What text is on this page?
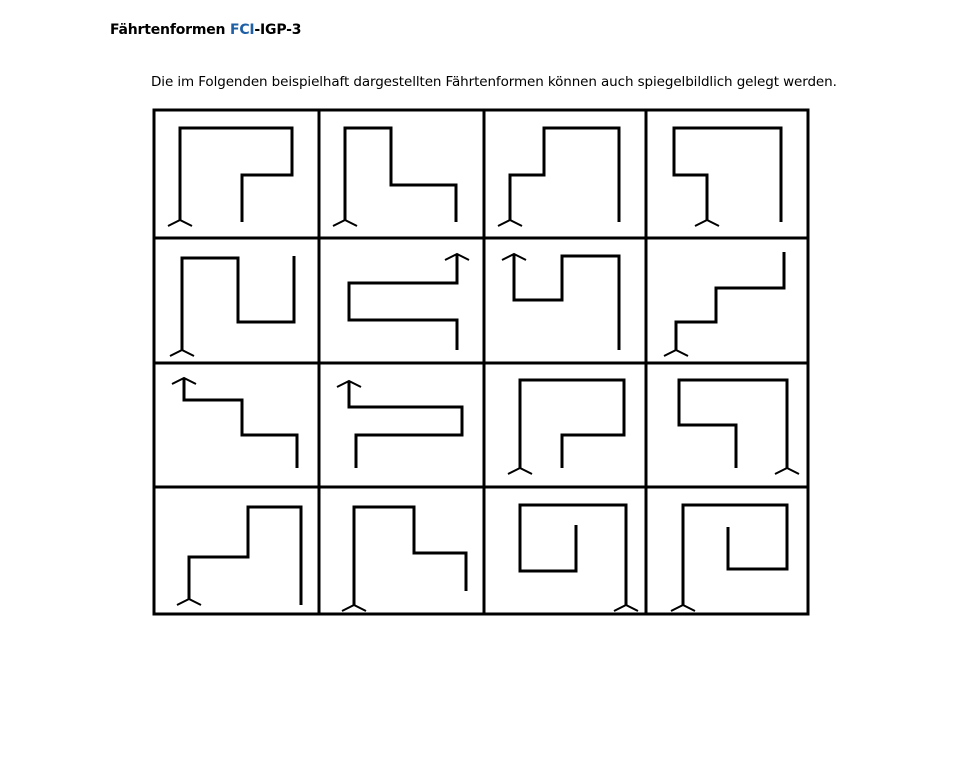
Fährtenformen FCI-IGP-3
Die im Folgenden beispielhaft dargestellten Fährtenformen können auch spiegelbildlich gelegt werden.
